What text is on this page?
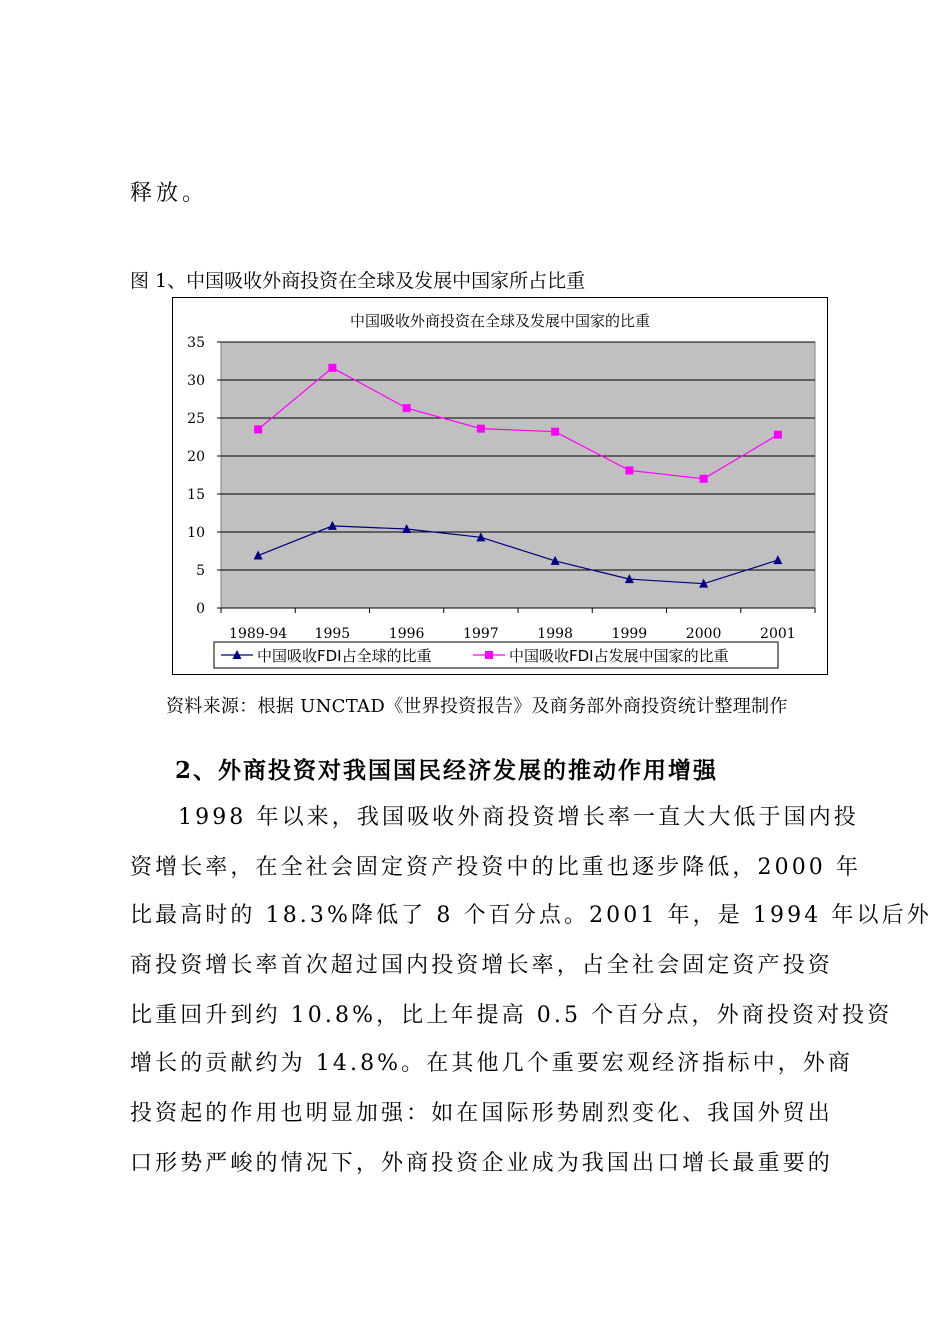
释放。
图 1、中国吸收外商投资在全球及发展中国家所占比重
中国吸收外商投资在全球及发展中国家的比重
0
5
10
15
20
25
30
35
1989-94 1995	1996	1997	1998	1999	2000	2001
中国吸收FDI占全球的比重	中国吸收FDI占发展中国家的比重
资料来源：根据 UNCTAD《世界投资报告》及商务部外商投资统计整理制作
2、外商投资对我国国民经济发展的推动作用增强
1998 年以来，我国吸收外商投资增长率一直大大低于国内投
资增长率，在全社会固定资产投资中的比重也逐步降低，2000 年
比最高时的 18.3%降低了 8 个百分点。2001 年，是 1994 年以后外
商投资增长率首次超过国内投资增长率，占全社会固定资产投资
比重回升到约 10.8%，比上年提高 0.5 个百分点，外商投资对投资
增长的贡献约为 14.8%。在其他几个重要宏观经济指标中，外商
投资起的作用也明显加强：如在国际形势剧烈变化、我国外贸出
口形势严峻的情况下，外商投资企业成为我国出口增长最重要的
